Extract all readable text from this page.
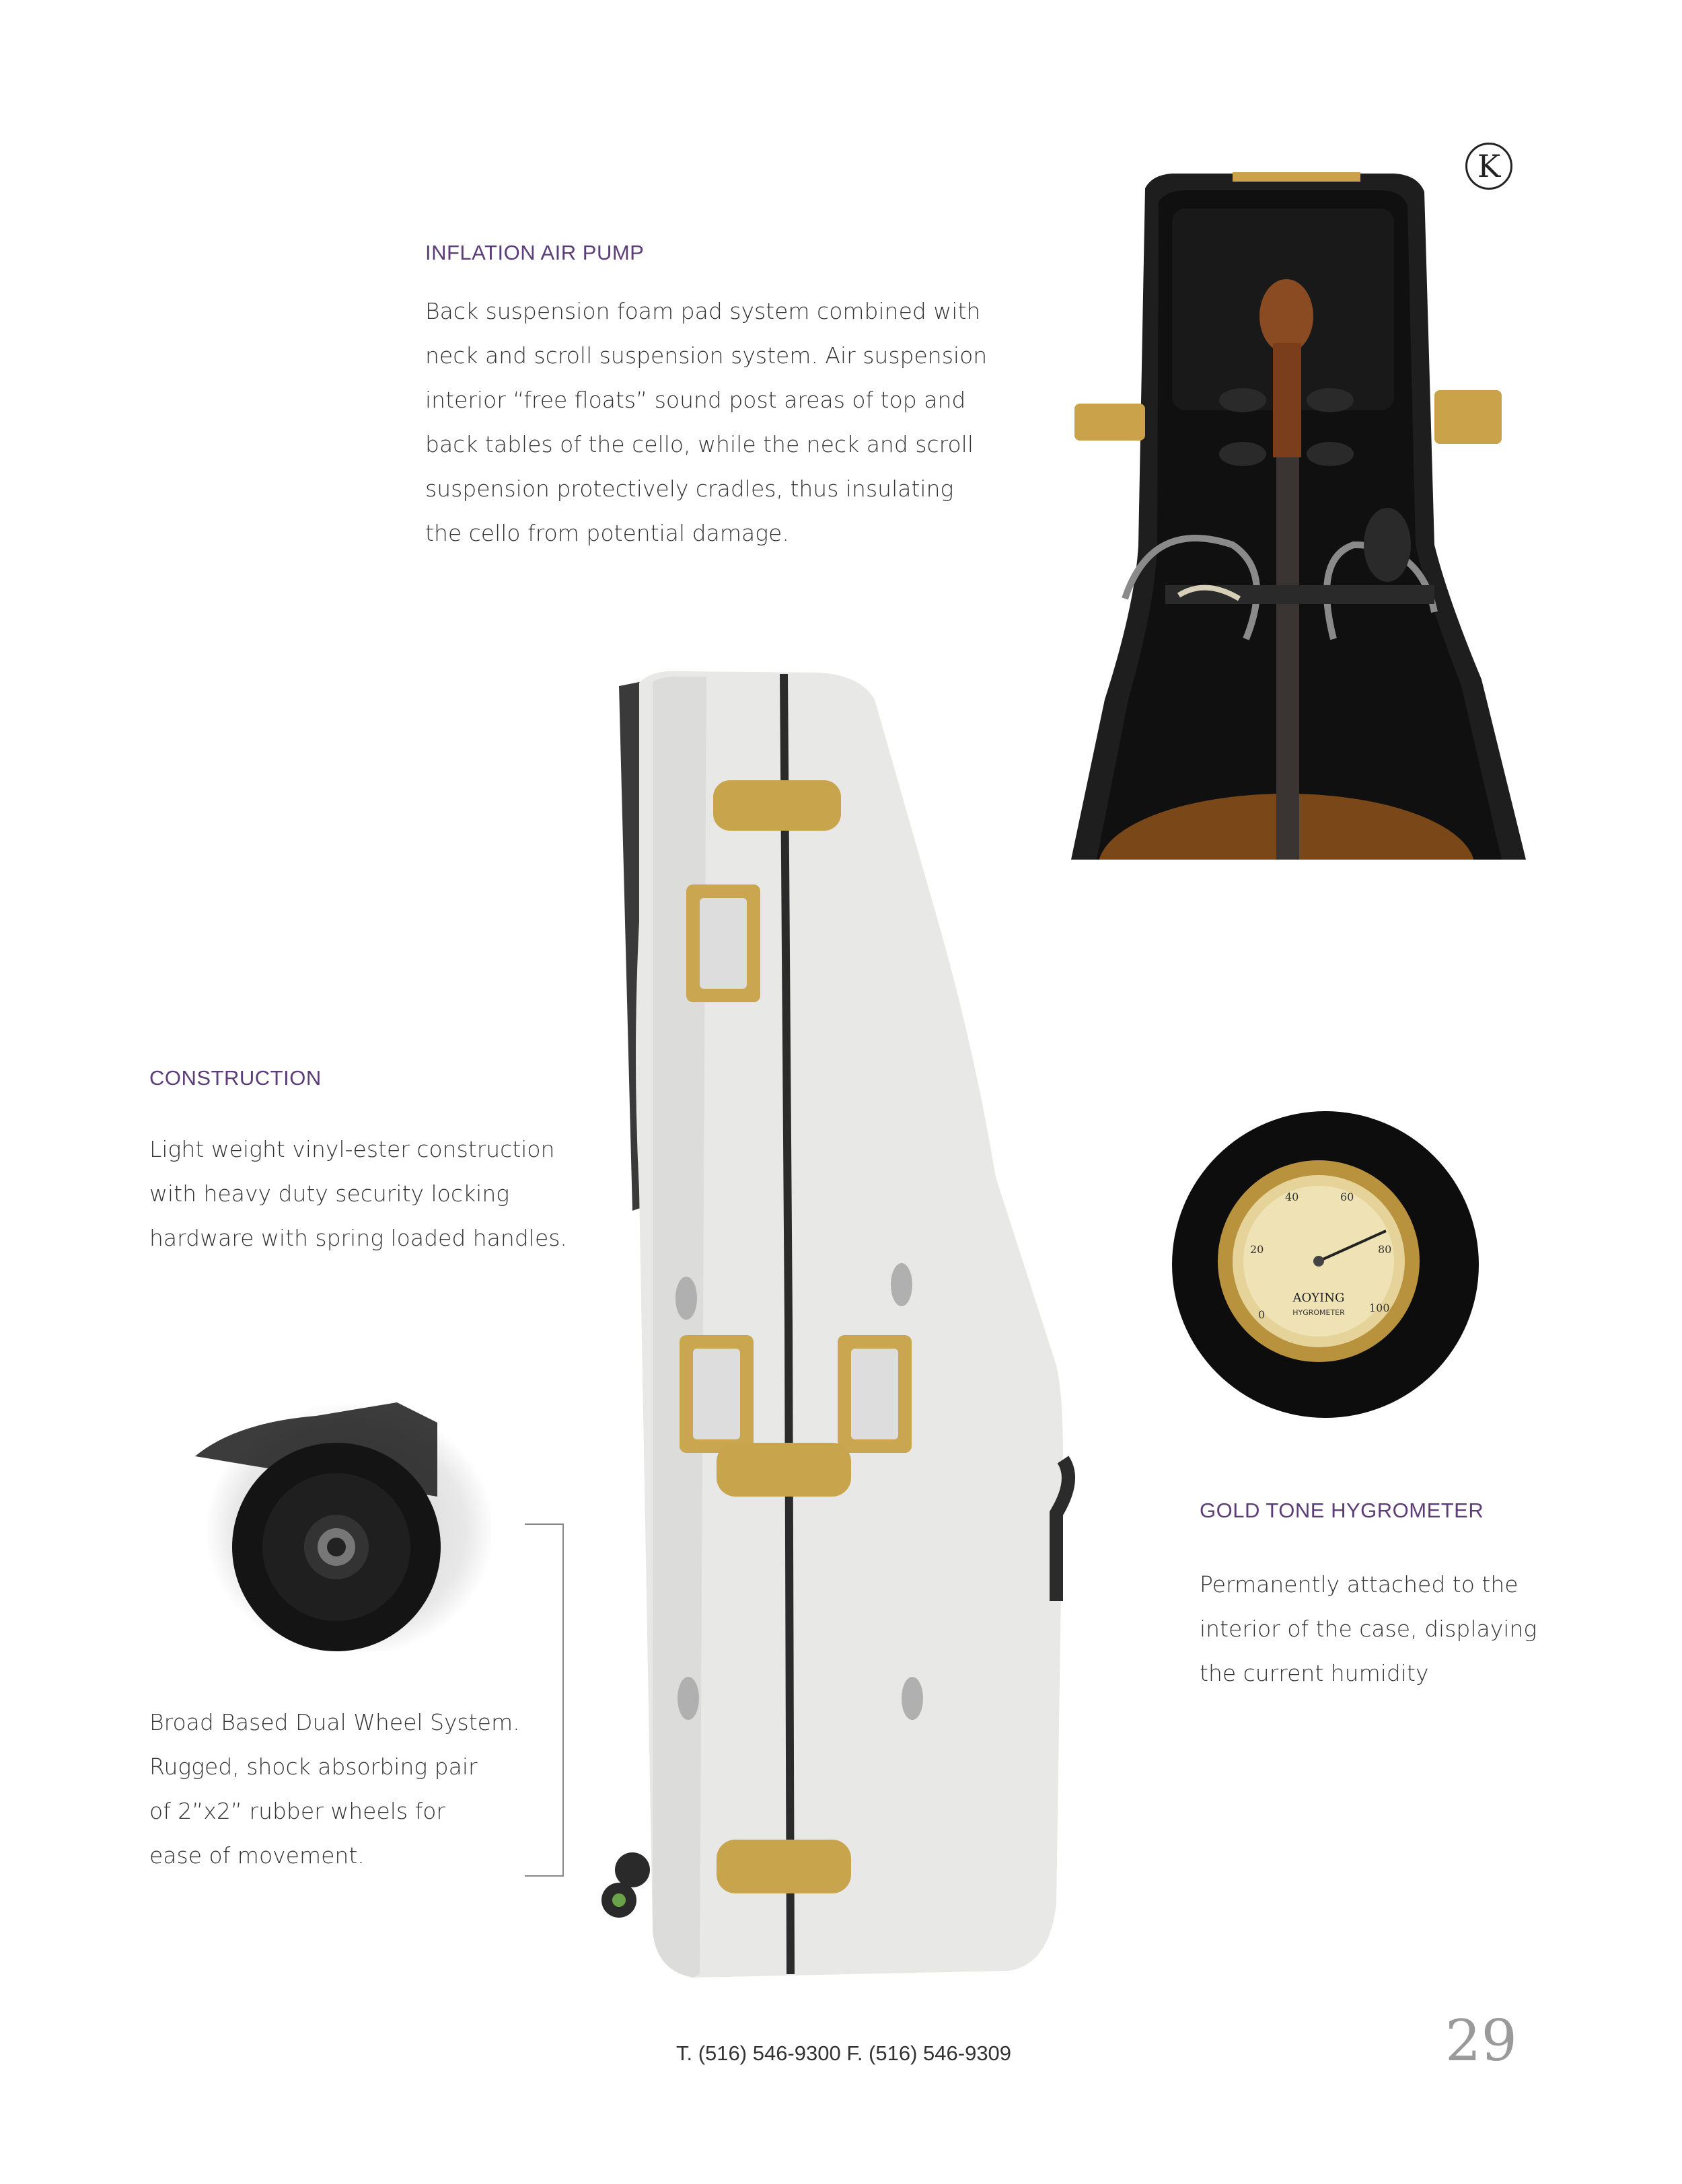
K
INFLATION AIR PUMP
Back suspension foam pad system combined with
neck and scroll suspension system. Air suspension
interior “free floats” sound post areas of top and
back tables of the cello, while the neck and scroll
suspension protectively cradles, thus insulating
the cello from potential damage.
CONSTRUCTION
Light weight vinyl-ester construction
with heavy duty security locking
hardware with spring loaded handles.
Broad Based Dual Wheel System.
Rugged, shock absorbing pair
of 2”x2” rubber wheels for
ease of movement.
0
20
40	60
80
100
AOYING
HYGROMETER
GOLD TONE HYGROMETER
Permanently attached to the
interior of the case, displaying
the current humidity
T. (516) 546-9300 F. (516) 546-9309	29
